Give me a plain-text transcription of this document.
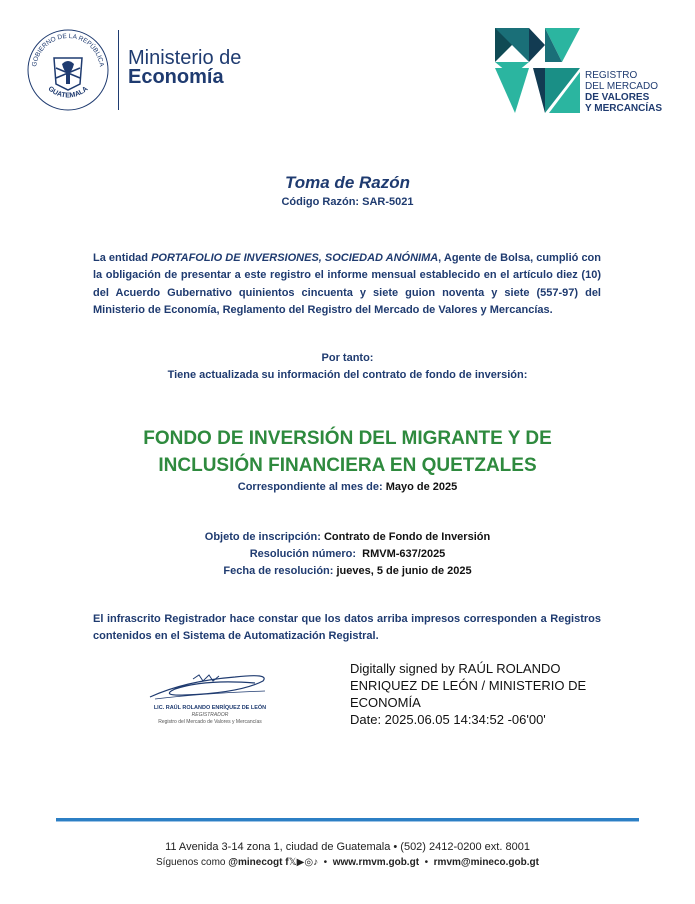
GOBIERNO DE LA REPÚBLICA
GUATEMALA
Ministerio de
Economía	REGISTRO
DEL MERCADO
DE VALORES
Y MERCANCÍAS
Toma de Razón
Código Razón: SAR-5021
La entidad PORTAFOLIO DE INVERSIONES, SOCIEDAD ANÓNIMA, Agente de Bolsa, cumplió con la obligación de presentar a este registro el informe mensual establecido en el artículo diez (10) del Acuerdo Gubernativo quinientos cincuenta y siete guion noventa y siete (557-97) del Ministerio de Economía, Reglamento del Registro del Mercado de Valores y Mercancías.
Por tanto:
Tiene actualizada su información del contrato de fondo de inversión:
FONDO DE INVERSIÓN DEL MIGRANTE Y DE
INCLUSIÓN FINANCIERA EN QUETZALES
Correspondiente al mes de: Mayo de 2025
Objeto de inscripción: Contrato de Fondo de Inversión
Resolución número:  RMVM-637/2025
Fecha de resolución: jueves, 5 de junio de 2025
El infrascrito Registrador hace constar que los datos arriba impresos corresponden a Registros contenidos en el Sistema de Automatización Registral.
LIC. RAÚL ROLANDO ENRÍQUEZ DE LEÓN
REGISTRADOR
Registro del Mercado de Valores y Mercancías
Digitally signed by RAÚL ROLANDO
ENRIQUEZ DE LEÓN / MINISTERIO DE
ECONOMÍA
Date: 2025.06.05 14:34:52 -06'00'
11 Avenida 3-14 zona 1, ciudad de Guatemala • (502) 2412-0200 ext. 8001
Síguenos como @minecogt f𝕏▶◎♪  •  www.rmvm.gob.gt  •  rmvm@mineco.gob.gt
